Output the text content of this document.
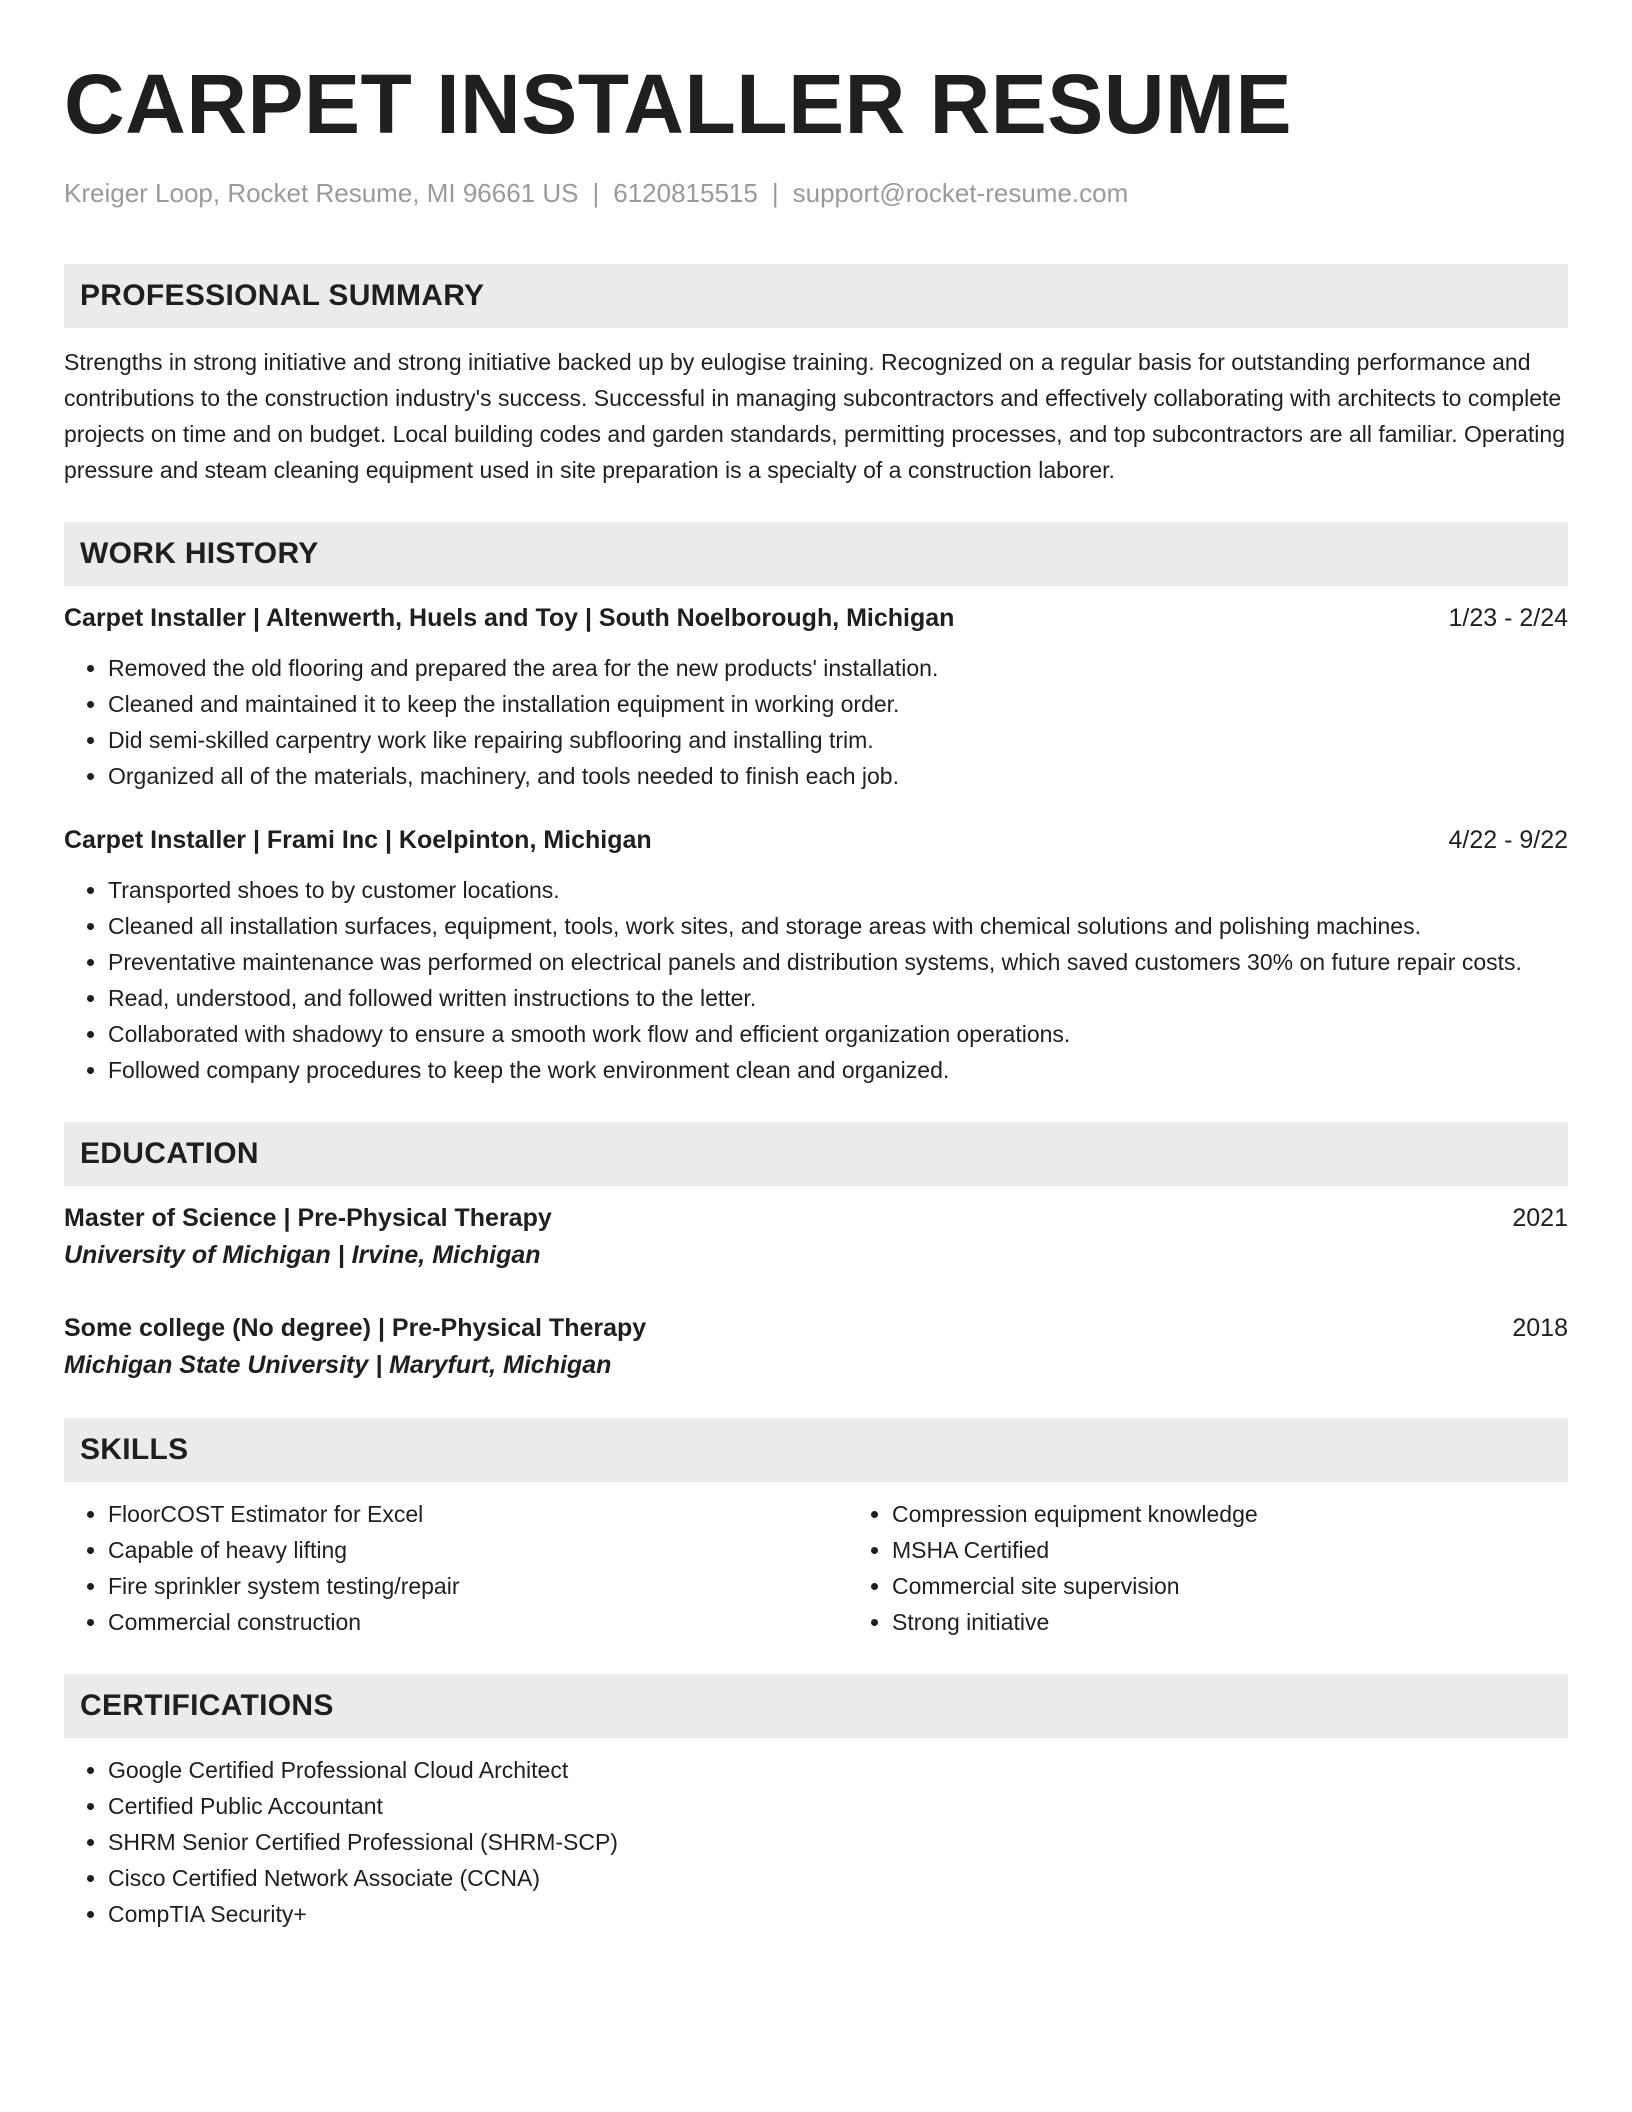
CARPET INSTALLER RESUME
Kreiger Loop, Rocket Resume, MI 96661 US | 6120815515 | support@rocket-resume.com
PROFESSIONAL SUMMARY

Strengths in strong initiative and strong initiative backed up by eulogise training. Recognized on a regular basis for outstanding performance and contributions to the construction industry's success. Successful in managing subcontractors and effectively collaborating with architects to complete projects on time and on budget. Local building codes and garden standards, permitting processes, and top subcontractors are all familiar. Operating pressure and steam cleaning equipment used in site preparation is a specialty of a construction laborer.

WORK HISTORY
Carpet Installer | Altenwerth, Huels and Toy | South Noelborough, Michigan	1/23 - 2/24
• Removed the old flooring and prepared the area for the new products' installation.
• Cleaned and maintained it to keep the installation equipment in working order.
• Did semi-skilled carpentry work like repairing subflooring and installing trim.
• Organized all of the materials, machinery, and tools needed to finish each job.
Carpet Installer | Frami Inc | Koelpinton, Michigan	4/22 - 9/22
• Transported shoes to by customer locations.
• Cleaned all installation surfaces, equipment, tools, work sites, and storage areas with chemical solutions and polishing machines.
• Preventative maintenance was performed on electrical panels and distribution systems, which saved customers 30% on future repair costs.
• Read, understood, and followed written instructions to the letter.
• Collaborated with shadowy to ensure a smooth work flow and efficient organization operations.
• Followed company procedures to keep the work environment clean and organized.
EDUCATION
Master of Science | Pre-Physical Therapy	2021
University of Michigan | Irvine, Michigan
Some college (No degree) | Pre-Physical Therapy	2018
Michigan State University | Maryfurt, Michigan
SKILLS
• FloorCOST Estimator for Excel
• Capable of heavy lifting
• Fire sprinkler system testing/repair
• Commercial construction
• Compression equipment knowledge
• MSHA Certified
• Commercial site supervision
• Strong initiative
CERTIFICATIONS
• Google Certified Professional Cloud Architect
• Certified Public Accountant
• SHRM Senior Certified Professional (SHRM-SCP)
• Cisco Certified Network Associate (CCNA)
• CompTIA Security+
